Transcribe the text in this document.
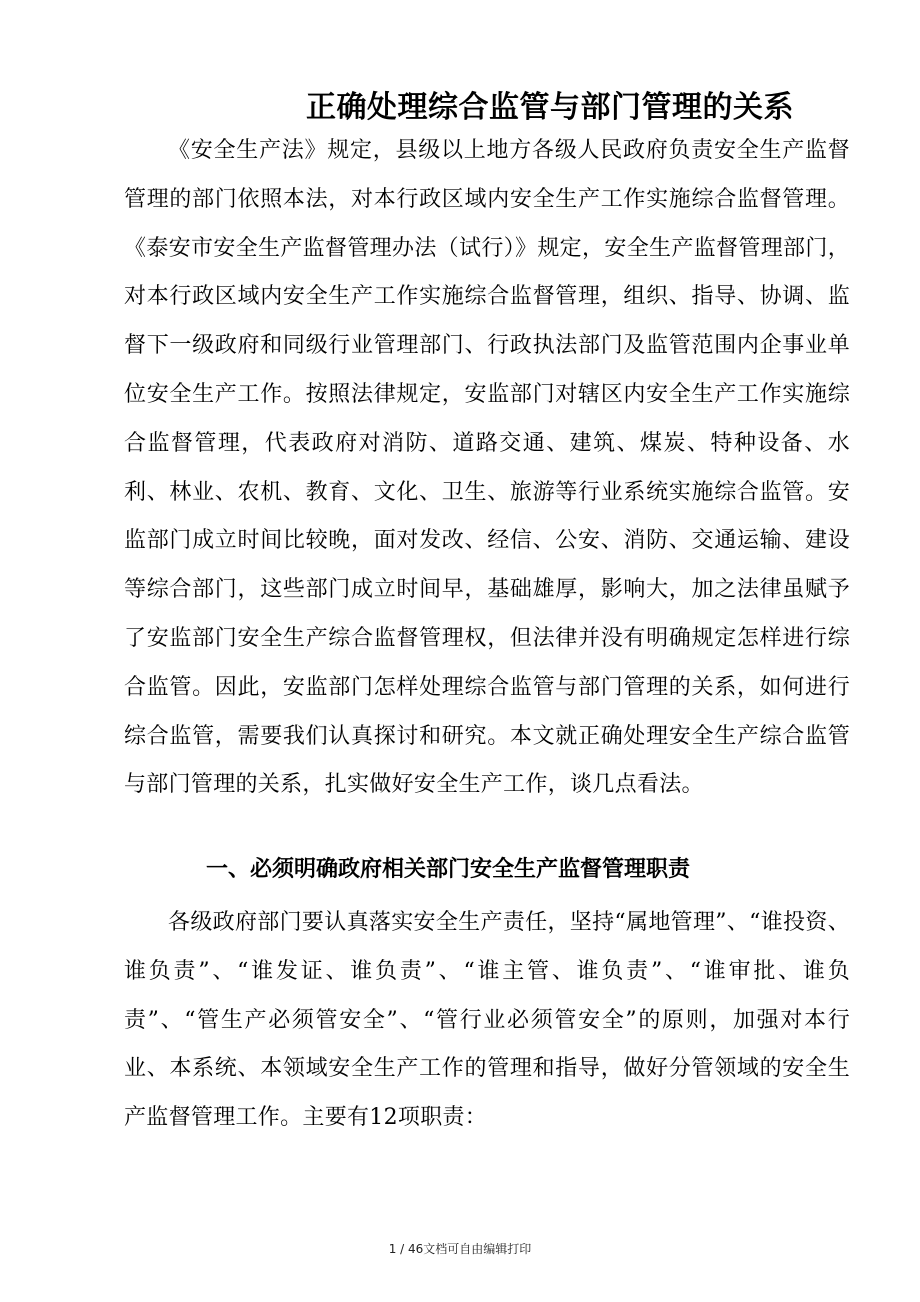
正确处理综合监管与部门管理的关系

《安全生产法》规定，县级以上地方各级人民政府负责安全生产监督管理的部门依照本法，对本行政区域内安全生产工作实施综合监督管理。《泰安市安全生产监督管理办法（试行）》规定，安全生产监督管理部门，对本行政区域内安全生产工作实施综合监督管理，组织、指导、协调、监督下一级政府和同级行业管理部门、行政执法部门及监管范围内企事业单位安全生产工作。按照法律规定，安监部门对辖区内安全生产工作实施综合监督管理，代表政府对消防、道路交通、建筑、煤炭、特种设备、水利、林业、农机、教育、文化、卫生、旅游等行业系统实施综合监管。安监部门成立时间比较晚，面对发改、经信、公安、消防、交通运输、建设等综合部门，这些部门成立时间早，基础雄厚，影响大，加之法律虽赋予了安监部门安全生产综合监督管理权，但法律并没有明确规定怎样进行综合监管。因此，安监部门怎样处理综合监管与部门管理的关系，如何进行综合监管，需要我们认真探讨和研究。本文就正确处理安全生产综合监管与部门管理的关系，扎实做好安全生产工作，谈几点看法。

一、必须明确政府相关部门安全生产监督管理职责

各级政府部门要认真落实安全生产责任，坚持“属地管理”、“谁投资、谁负责”、“谁发证、谁负责”、“谁主管、谁负责”、“谁审批、谁负责”、“管生产必须管安全”、“管行业必须管安全”的原则，加强对本行业、本系统、本领域安全生产工作的管理和指导，做好分管领域的安全生产监督管理工作。主要有12项职责：

1 / 46文档可自由编辑打印
